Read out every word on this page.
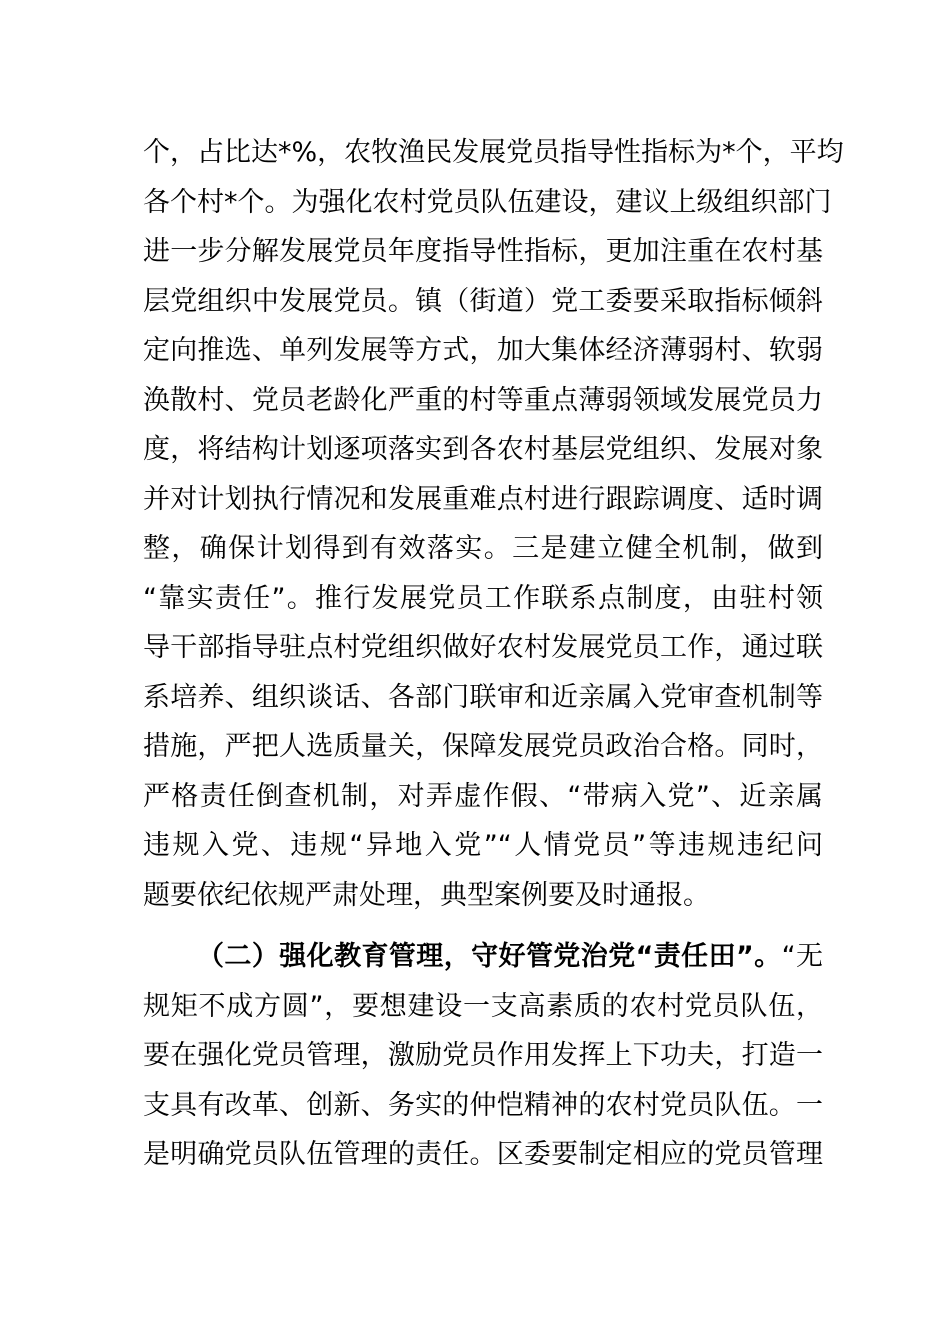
个，占比达*%，农牧渔民发展党员指导性指标为*个，平均
各个村*个。为强化农村党员队伍建设，建议上级组织部门
进一步分解发展党员年度指导性指标，更加注重在农村基
层党组织中发展党员。镇（街道）党工委要采取指标倾斜
定向推选、单列发展等方式，加大集体经济薄弱村、软弱
涣散村、党员老龄化严重的村等重点薄弱领域发展党员力
度，将结构计划逐项落实到各农村基层党组织、发展对象
并对计划执行情况和发展重难点村进行跟踪调度、适时调
整，确保计划得到有效落实。三是建立健全机制，做到
“靠实责任”。推行发展党员工作联系点制度，由驻村领
导干部指导驻点村党组织做好农村发展党员工作，通过联
系培养、组织谈话、各部门联审和近亲属入党审查机制等
措施，严把人选质量关，保障发展党员政治合格。同时，
严格责任倒查机制，对弄虚作假、“带病入党”、近亲属
违规入党、违规“异地入党”“人情党员”等违规违纪问
题要依纪依规严肃处理，典型案例要及时通报。
（二）强化教育管理，守好管党治党“责任田”。“无
规矩不成方圆”，要想建设一支高素质的农村党员队伍，
要在强化党员管理，激励党员作用发挥上下功夫，打造一
支具有改革、创新、务实的仲恺精神的农村党员队伍。一
是明确党员队伍管理的责任。区委要制定相应的党员管理
